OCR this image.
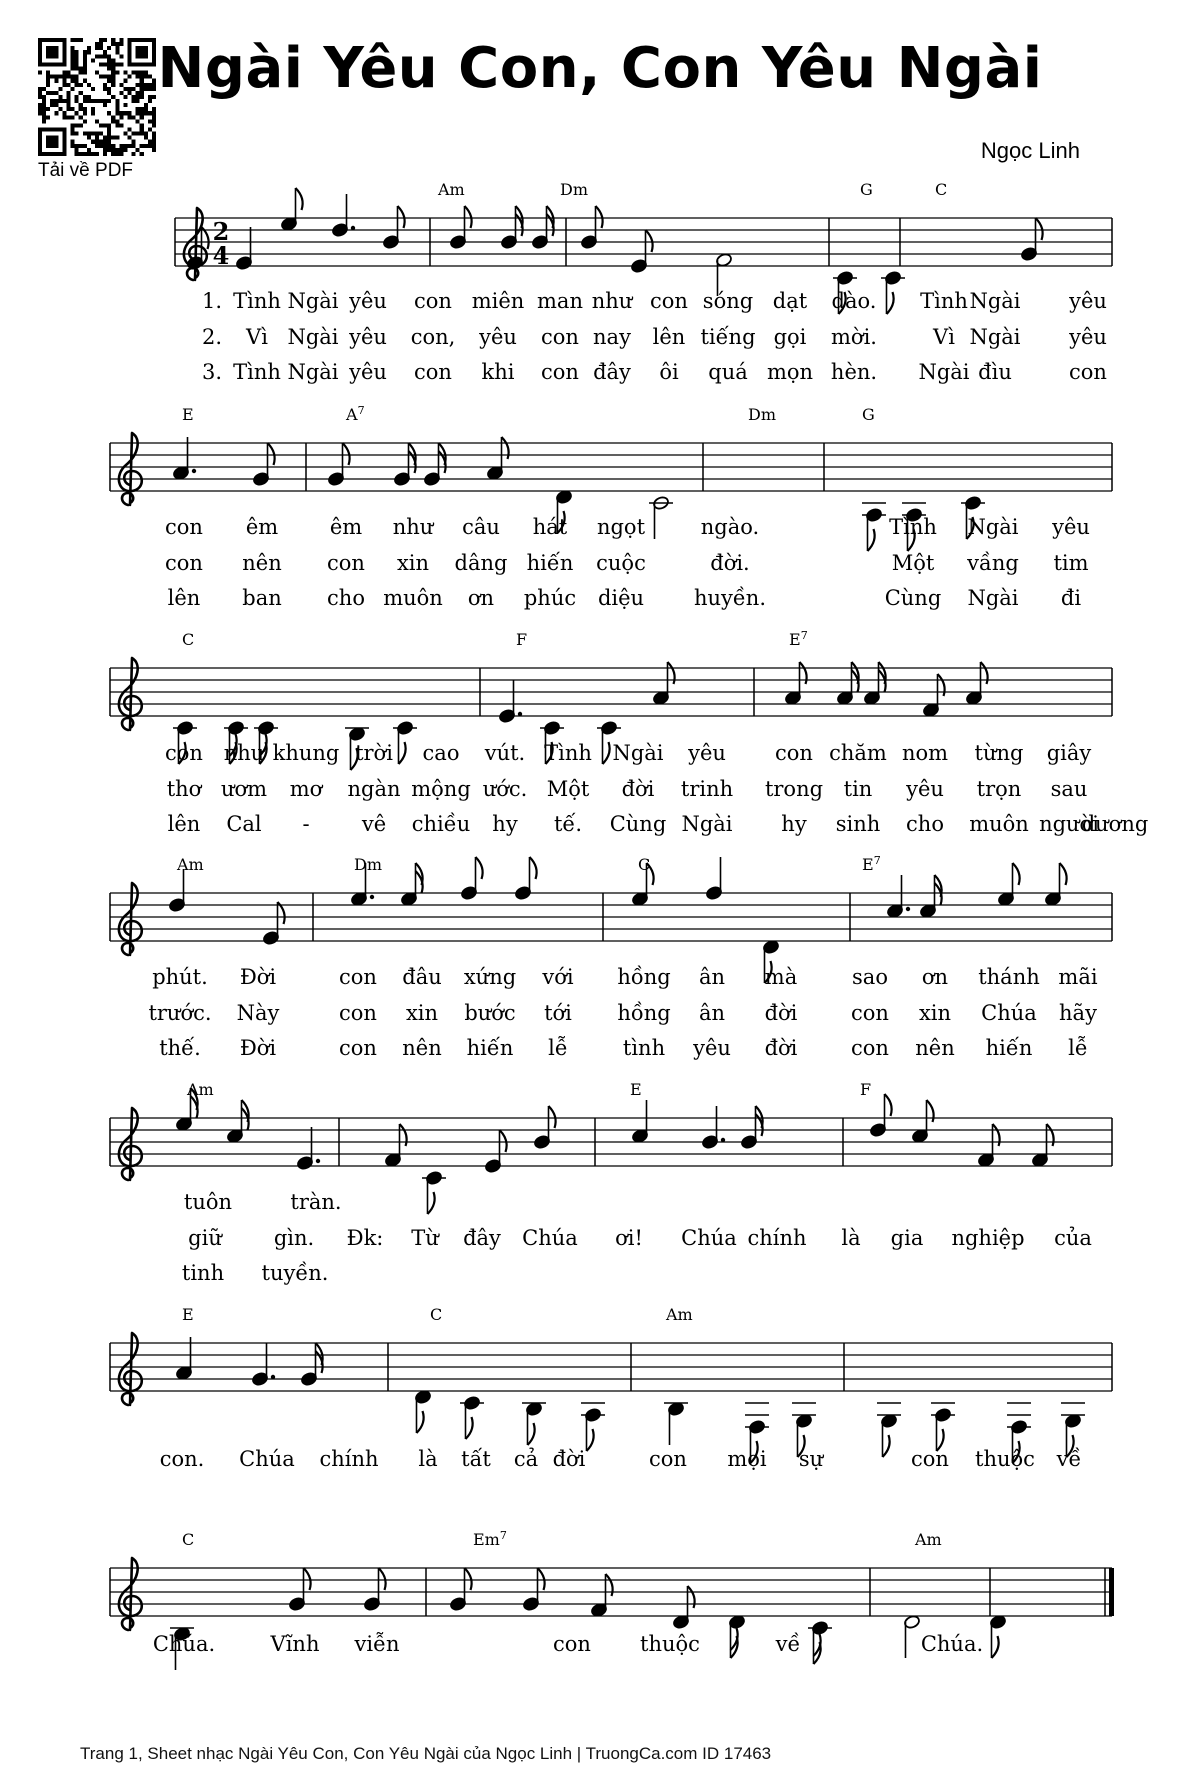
Tải về PDF
Ngài Yêu Con, Con Yêu Ngài
Ngọc Linh
2
4
Am	Dm	G	C
1. Tình Ngài yêu con miên man như con sóng dạt dào. Tình Ngài yêu
2. Vì Ngài yêu con, yêu con nay lên tiếng gọi mời.	Vì Ngài yêu
3. Tình Ngài yêu con khi con đây ôi quá mọn hèn. Ngài đìu	con
E	$A^7$	Dm	G
con êm êm như câu hát ngọt	ngào.	Tình Ngài yêu
con nên con xin dâng hiến cuộc	đời.	Một vầng tim
lên ban cho muôn ơn phúc diệu huyền.	Cùng Ngài đi
C	F	$E^7$
con như khung trời cao vút. Tình Ngài yêu con chăm nom từng giây
thơ ươm mơ ngàn mộng ước. Một đời trinh trong tin yêu trọn sau
lên Cal - vê chiều hy tế. Cùng Ngài hy sinh cho muôn người
dương
Am	Dm	C	$E^7$
phút. Đời	con đâu xứng với hồng ân mà	sao ơn thánh mãi
trước. Này	con xin bước tới hồng ân đời	con xin Chúa hãy
thế. Đời	con nên hiến lễ	tình yêu đời	con nên hiến lễ
Am	E	F
tuôn	tràn.
giữ gìn. Đk: Từ đây Chúa ơi! Chúa chính là gia nghiệp của
tinh tuyền.
E	C	Am
con. Chúa chính là tất cả đời	con mọi sự	con thuộc về
C	Em$^7$	Am
Chúa.	Vĩnh viễn	con thuộc	về	Chúa.
Trang 1, Sheet nhạc Ngài Yêu Con, Con Yêu Ngài của Ngọc Linh | TruongCa.com ID 17463
